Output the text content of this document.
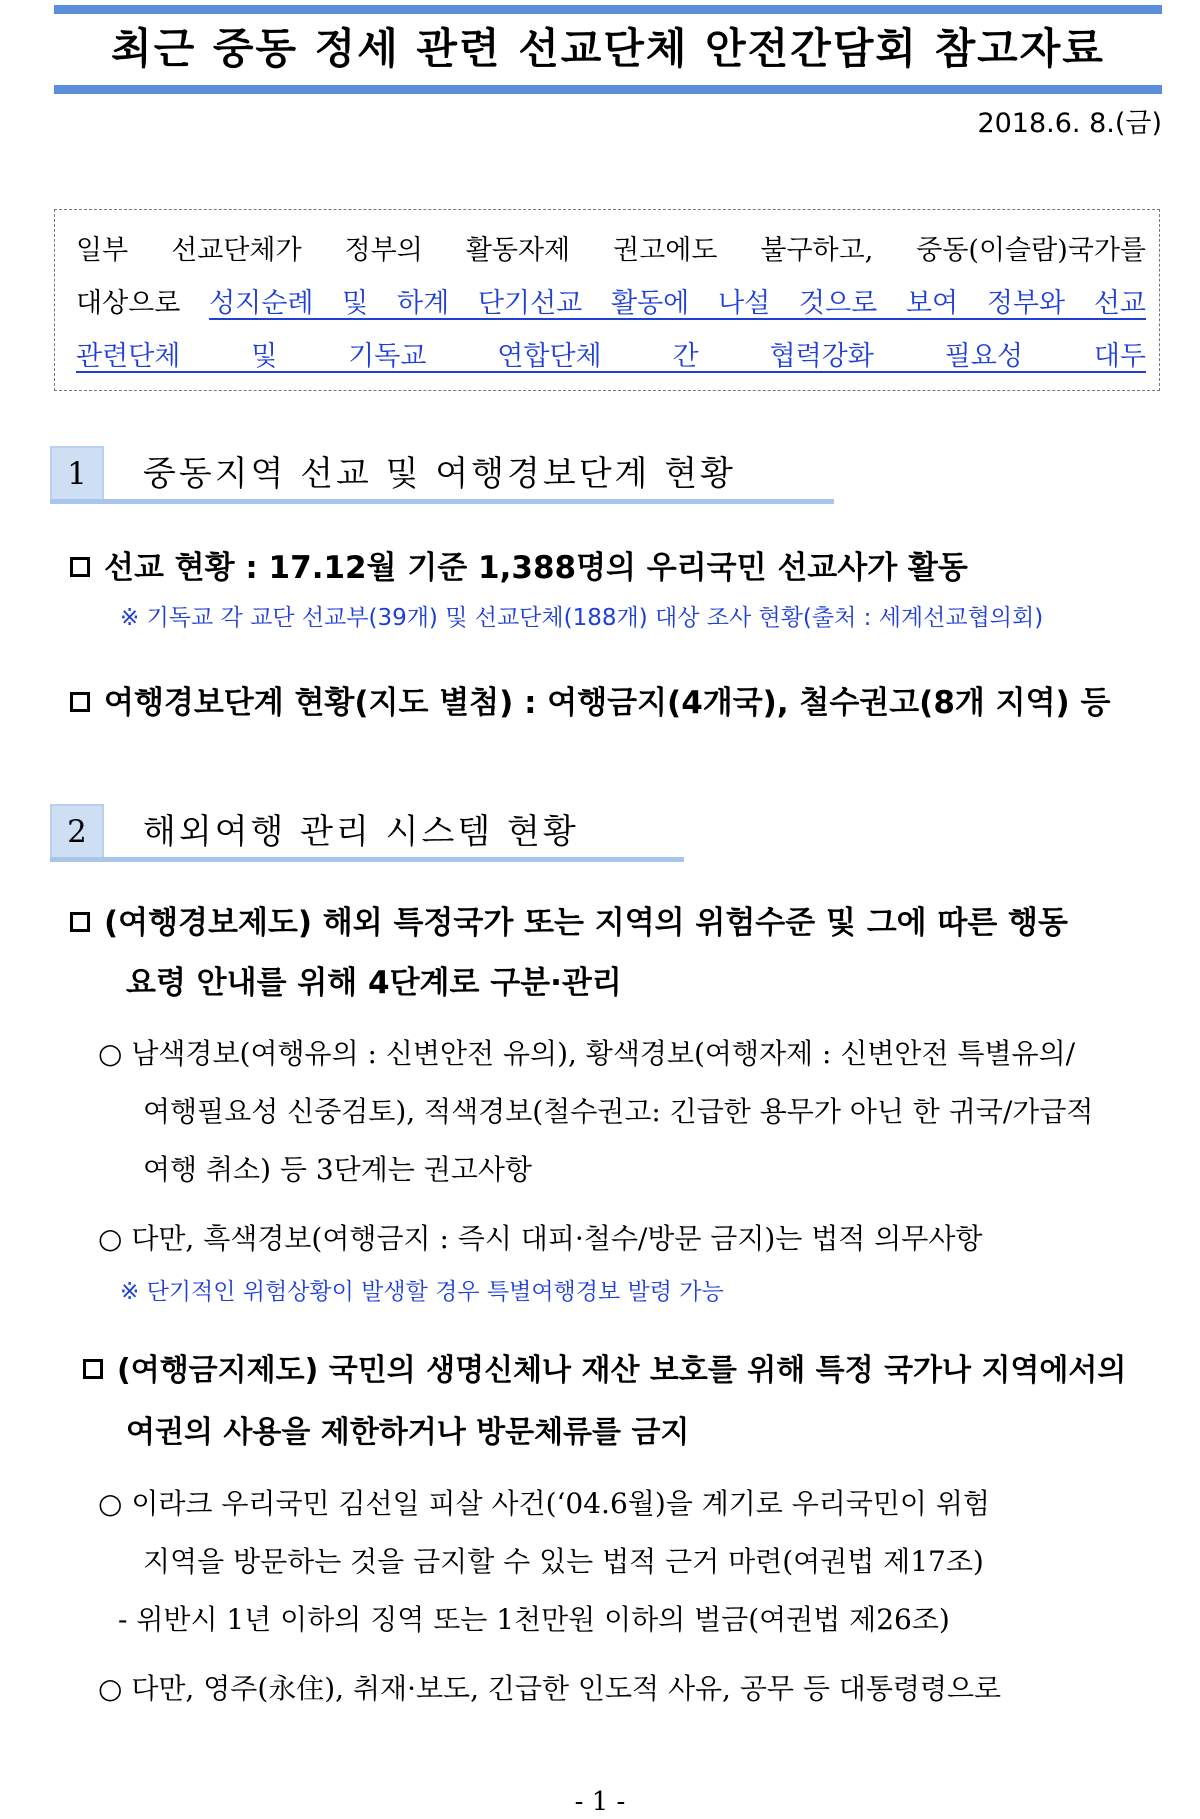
최근 중동 정세 관련 선교단체 안전간담회 참고자료
2018.6. 8.(금)
일부 선교단체가 정부의 활동자제 권고에도 불구하고, 중동(이슬람)국가를
대상으로 성지순례 및 하계 단기선교 활동에 나설 것으로 보여 정부와 선교
관련단체 및 기독교 연합단체 간 협력강화 필요성 대두
1	중동지역 선교 및 여행경보단계 현황
선교 현황 : 17.12월 기준 1,388명의 우리국민 선교사가 활동
※ 기독교 각 교단 선교부(39개) 및 선교단체(188개) 대상 조사 현황(출처 : 세계선교협의회)
여행경보단계 현황(지도 별첨) : 여행금지(4개국), 철수권고(8개 지역) 등
2	해외여행 관리 시스템 현황
(여행경보제도) 해외 특정국가 또는 지역의 위험수준 및 그에 따른 행동
요령 안내를 위해 4단계로 구분·관리
○ 남색경보(여행유의 : 신변안전 유의), 황색경보(여행자제 : 신변안전 특별유의/
여행필요성 신중검토), 적색경보(철수권고: 긴급한 용무가 아닌 한 귀국/가급적
여행 취소) 등 3단계는 권고사항
○ 다만, 흑색경보(여행금지 : 즉시 대피·철수/방문 금지)는 법적 의무사항
※ 단기적인 위험상황이 발생할 경우 특별여행경보 발령 가능
(여행금지제도) 국민의 생명신체나 재산 보호를 위해 특정 국가나 지역에서의
여권의 사용을 제한하거나 방문체류를 금지
○ 이라크 우리국민 김선일 피살 사건(‘04.6월)을 계기로 우리국민이 위험
지역을 방문하는 것을 금지할 수 있는 법적 근거 마련(여권법 제17조)
- 위반시 1년 이하의 징역 또는 1천만원 이하의 벌금(여권법 제26조)
○ 다만, 영주(永住), 취재·보도, 긴급한 인도적 사유, 공무 등 대통령령으로
- 1 -
